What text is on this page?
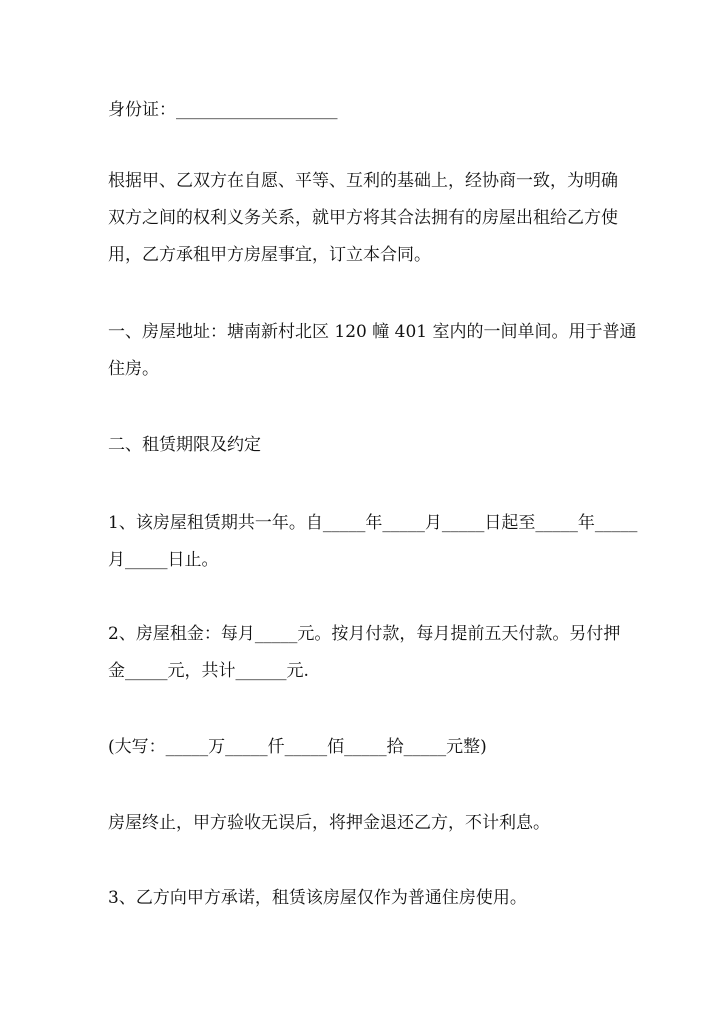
身份证：___________________

根据甲、乙双方在自愿、平等、互利的基础上，经协商一致，为明确
双方之间的权利义务关系，就甲方将其合法拥有的房屋出租给乙方使
用，乙方承租甲方房屋事宜，订立本合同。

一、房屋地址：塘南新村北区 120 幢 401 室内的一间单间。用于普通
住房。

二、租赁期限及约定

1、该房屋租赁期共一年。自_____年_____月_____日起至_____年_____
月_____日止。

2、房屋租金：每月_____元。按月付款，每月提前五天付款。另付押
金_____元，共计______元.

(大写：_____万_____仟_____佰_____拾_____元整)

房屋终止，甲方验收无误后，将押金退还乙方，不计利息。

3、乙方向甲方承诺，租赁该房屋仅作为普通住房使用。
